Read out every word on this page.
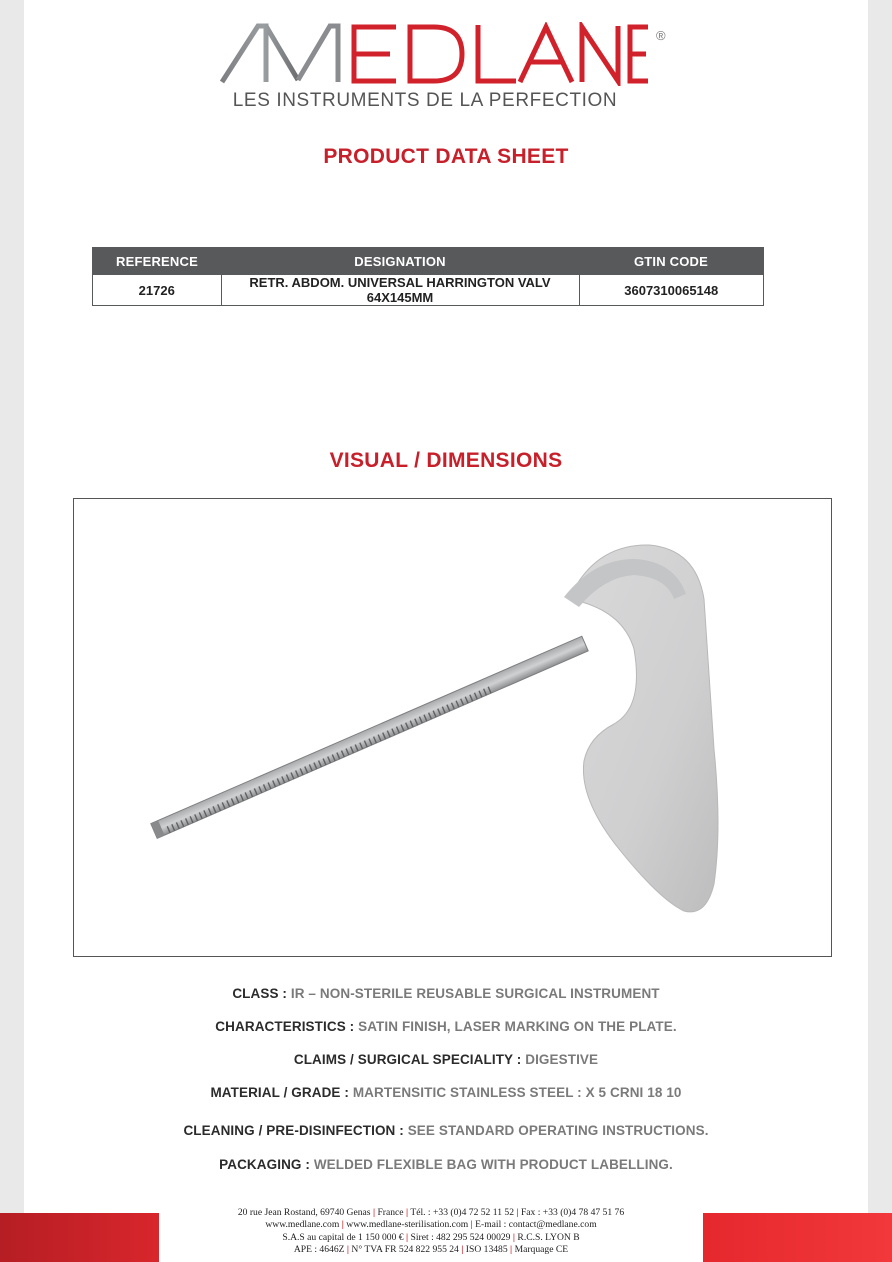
®
LES INSTRUMENTS DE LA PERFECTION
PRODUCT DATA SHEET
REFERENCE	DESIGNATION	GTIN CODE
21726	RETR. ABDOM. UNIVERSAL HARRINGTON VALV 64X145MM	3607310065148
VISUAL / DIMENSIONS
CLASS : IR – NON-STERILE REUSABLE SURGICAL INSTRUMENT
CHARACTERISTICS : SATIN FINISH, LASER MARKING ON THE PLATE.
CLAIMS / SURGICAL SPECIALITY : DIGESTIVE
MATERIAL / GRADE : MARTENSITIC STAINLESS STEEL : X 5 CRNI 18 10
CLEANING / PRE-DISINFECTION : SEE STANDARD OPERATING INSTRUCTIONS.
PACKAGING : WELDED FLEXIBLE BAG WITH PRODUCT LABELLING.
20 rue Jean Rostand, 69740 Genas | France | Tél. : +33 (0)4 72 52 11 52 | Fax : +33 (0)4 78 47 51 76
www.medlane.com | www.medlane-sterilisation.com | E-mail : contact@medlane.com
S.A.S au capital de 1 150 000 € | Siret : 482 295 524 00029 | R.C.S. LYON B
APE : 4646Z | N° TVA FR 524 822 955 24 | ISO 13485 | Marquage CE
